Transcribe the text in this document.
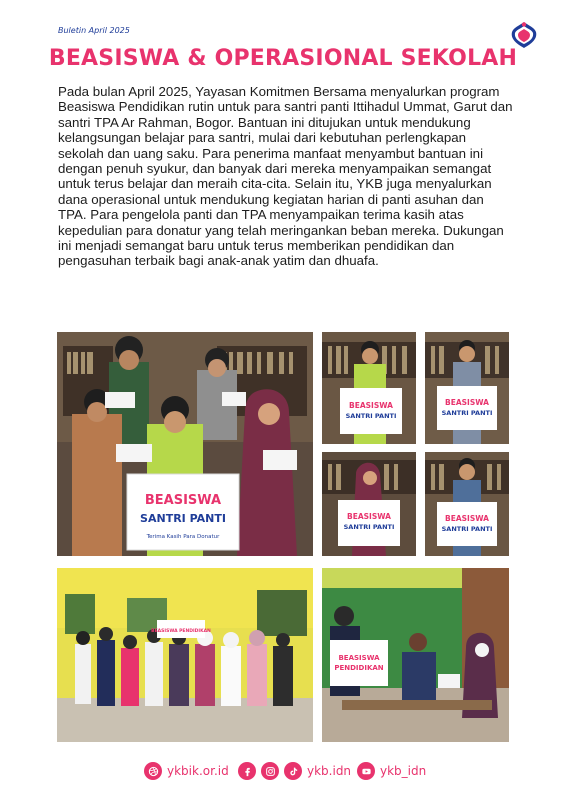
Buletin April 2025
BEASISWA & OPERASIONAL SEKOLAH

Pada bulan April 2025, Yayasan Komitmen Bersama menyalurkan program Beasiswa Pendidikan rutin untuk para santri panti Ittihadul Ummat, Garut dan santri TPA Ar Rahman, Bogor. Bantuan ini ditujukan untuk mendukung kelangsungan belajar para santri, mulai dari kebutuhan perlengkapan sekolah dan uang saku. Para penerima manfaat menyambut bantuan ini dengan penuh syukur, dan banyak dari mereka menyampaikan semangat untuk terus belajar dan meraih cita-cita. Selain itu, YKB juga menyalurkan dana operasional untuk mendukung kegiatan harian di panti asuhan dan TPA. Para pengelola panti dan TPA menyampaikan terima kasih atas kepedulian para donatur yang telah meringankan beban mereka. Dukungan ini menjadi semangat baru untuk terus memberikan pendidikan dan pengasuhan terbaik bagi anak-anak yatim dan dhuafa.

BEASISWA
SANTRI PANTI
Terima Kasih Para Donatur
BEASISWA
SANTRI PANTI
BEASISWA
SANTRI PANTI
BEASISWA
SANTRI PANTI
BEASISWA
SANTRI PANTI
BEASISWA PENDIDIKAN
BEASISWA
PENDIDIKAN
ykbik.or.id	ykb.idn ykb_idn
